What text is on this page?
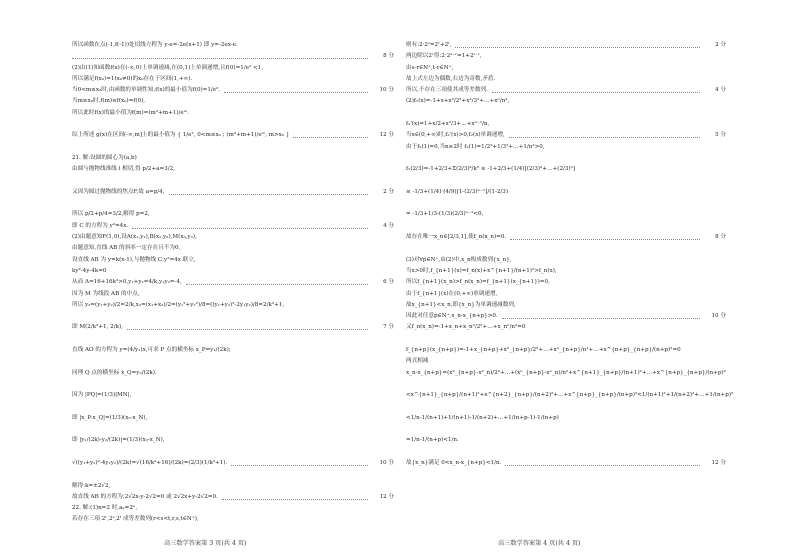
所以函数在点(-1,f(-1))处切线方程为 y-e=-2e(x+1) 即 y=-2ex-e.
8 分
(2)由(1)知函数f(x)在(-∞,0)上单调递减,在(0,1)上单调递增,且f(0)=1/e² <1,
所以满足f(x₀)=1(x₀≠0)的x₀存在于区间(1,+∞).
当0<m≤x₀时,由函数的单调性知,f(x)的最小值为f(0)=1/e².	10 分
当m≥x₀时,f(m)≤f(x₀)=f(0),
所以此时f(x)的最小值为f(m)=(m²+m+1)/eᵐ.
综上所述 g(x)在区间(-∞,m]上的最小值为 { 1/e², 0<m≤x₀ ; (m²+m+1)/eᵐ, m>x₀ }	12 分
21. 解:设圆的圆心为(a,b)
由圆与抛物线准线 l 相切,得 p/2+a=3/2,
又因为圆过抛物线的焦点F,故 a=p/4,	2 分
所以 p/2+p/4=3/2,解得 p=2,
即 C 的方程为 y²=4x.	4 分
(2)由题意知F(1,0),设A(x₁,y₁),B(x₂,y₂),M(x₃,y₃),
由题意知,直线 AB 的斜率一定存在且不为0,
设直线 AB 为 y=k(x-1),与抛物线 C:y²=4x 联立,
ky²-4y-4k=0
从而 Δ=16+16k²>0,y₁+y₂=4/k,y₁y₂=-4,	6 分
因为 M 为线段 AB 的中点,
所以 y₃=(y₁+y₂)/2=2/k,x₃=(x₁+x₂)/2=(y₁²+y₂²)/8=((y₁+y₂)²-2y₁y₂)/8=2/k²+1,
即 M(2/k²+1, 2/k),	7 分
直线 AO 的方程为 y=(4/y₁)x,可求 P 点的横坐标 x_P=y₁/(2k);
同理 Q 点的横坐标 x_Q=y₂/(2k).
因为 |PQ|=(1/3)|MN|,
即 |x_P-x_Q|=(1/3)(x₃-x_N),
即 |y₁/(2k)-y₂/(2k)|=(1/3)(x₃-x_N),
√((y₁+y₂)²-4y₁y₂)/(2k)=√(16/k²+16)/(2k)=(2/3)(1/k²+1).	10 分
解得:k=±2√2,
故直线 AB 的方程为:2√2x-y-2√2=0 或 2√2x+y-2√2=0.	12 分
22. 解:(1)n=2 时,a₂=2ⁿ,
若存在三项 2ʳ,2ˢ,2ᵗ 成等差数列(r<s<t,r,s,t∈N⁺),
则有:2·2ˢ=2ʳ+2ᵗ,	2 分
两边除以2ʳ得:2·2ˢ⁻ʳ=1+2ᵗ⁻ʳ,
由s-r∈N⁺,t-r∈N⁺,
故上式左边为偶数,右边为奇数,矛盾.
所以,不存在三项使其成等差数列.	4 分
(2)f₂(x)=-1+x+x²/2²+x³/3²+…+xⁿ/n²,
f₂'(x)=1+x/2+x²/3+…+xⁿ⁻¹/n,
当x∈(0,+∞)时,f₂'(x)>0,f₂(x)单调递增,	5 分
由于f₂(1)=0,当n≥2时 f₂(1)=1/2²+1/3²+…+1/n²>0,
f₂(2/3)=-1+2/3+Σ(2/3)ᵏ/k² ≤ -1+2/3+(1/4)[(2/3)²+…+(2/3)ⁿ]
≤ -1/3+(1/4)·(4/9)[1-(2/3)ⁿ⁻¹]/(1-2/3)
= -1/3+1/3-(1/3)(2/3)ⁿ⁻¹<0,
故存在唯一x_n∈[2/3,1],使f_n(x_n)=0.	8 分
(3)对∀p∈N⁺,由(2)中,x_n构成数列{x_n},
当x>0时,f_{n+1}(x)=f_n(x)+x^{n+1}/(n+1)²>f_n(x),
所以f_{n+1}(x_n)>f_n(x_n)=f_{n+1}(x_{n+1})=0,
由于f_{n+1}(x)在(0,+∞)单调递增,
故x_{n+1}<x_n,即{x_n}为单调递减数列,
因此对任意p∈N⁺,x_n-x_{n+p}>0.	10 分
又f_n(x_n)=-1+x_n+x_n²/2²+…+x_nⁿ/n²=0
f_{n+p}(x_{n+p})=-1+x_{n+p}+x²_{n+p}/2²+…+xⁿ_{n+p}/n²+…+x^{n+p}_{n+p}/(n+p)²=0
两式相减
x_n-x_{n+p}=(x²_{n+p}-x²_n)/2²+…+(xⁿ_{n+p}-xⁿ_n)/n²+x^{n+1}_{n+p}/(n+1)²+…+x^{n+p}_{n+p}/(n+p)²
<x^{n+1}_{n+p}/(n+1)²+x^{n+2}_{n+p}/(n+2)²+…+x^{n+p}_{n+p}/(n+p)²<1/(n+1)²+1/(n+2)²+…+1/(n+p)²
<1/n-1/(n+1)+1/(n+1)-1/(n+2)+…+1/(n+p-1)-1/(n+p)
=1/n-1/(n+p)<1/n.
故{x_n}满足 0<x_n-x_{n+p}<1/n.	12 分
高三数学答案第 3 页(共 4 页)	高三数学答案第 4 页(共 4 页)
